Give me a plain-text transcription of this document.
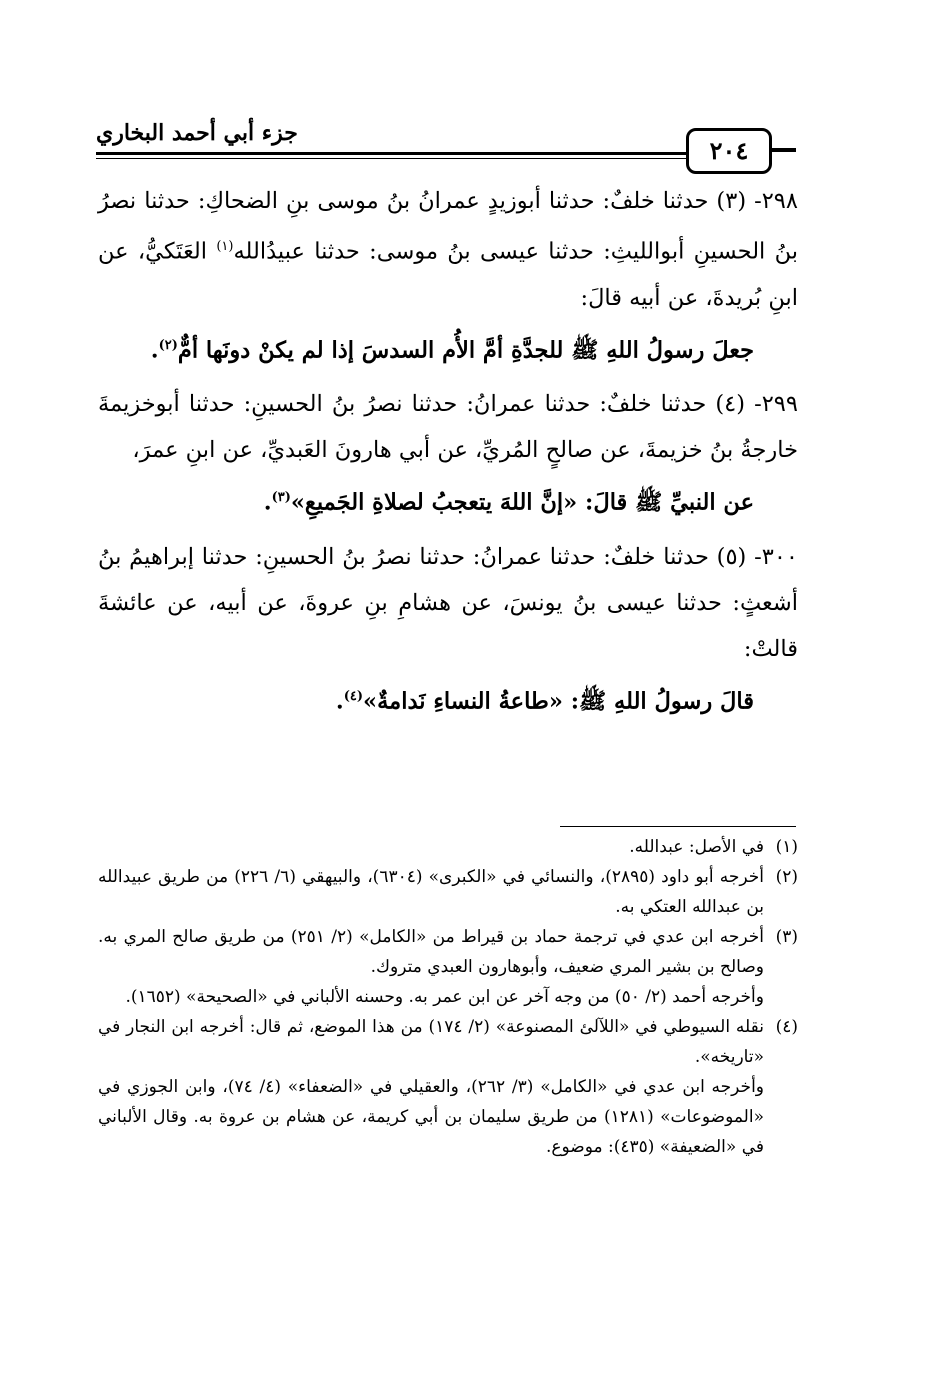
جزء أبي أحمد البخاري
٢٠٤

٢٩٨- (٣) حدثنا خلفٌ: حدثنا أبوزيدٍ عمرانُ بنُ موسى بنِ الضحاكِ: حدثنا نصرُ بنُ الحسينِ أبوالليثِ: حدثنا عيسى بنُ موسى: حدثنا عبيدُالله$^{(١)}$ العَتَكيُّ، عن ابنِ بُريدةَ، عن أبيه قالَ:

جعلَ رسولُ اللهِ ﷺ للجدَّةِ أمَّ الأُم السدسَ إذا لم يكنْ دونَها أمٌّ$^{(٢)}$.

٢٩٩- (٤) حدثنا خلفٌ: حدثنا عمرانُ: حدثنا نصرُ بنُ الحسينِ: حدثنا أبوخزيمةَ خارجةُ بنُ خزيمةَ، عن صالحٍ المُريِّ، عن أبي هارونَ العَبديِّ، عن ابنِ عمرَ،

عن النبيِّ ﷺ قالَ: «إنَّ اللهَ يتعجبُ لصلاةِ الجَميعِ»$^{(٣)}$.

٣٠٠- (٥) حدثنا خلفٌ: حدثنا عمرانُ: حدثنا نصرُ بنُ الحسينِ: حدثنا إبراهيمُ بنُ أشعثٍ: حدثنا عيسى بنُ يونسَ، عن هشامِ بنِ عروةَ، عن أبيه، عن عائشةَ قالتْ:

قالَ رسولُ اللهِ ﷺ: «طاعةُ النساءِ نَدامةٌ»$^{(٤)}$.

(١)

في الأصل: عبدالله.

(٢)

أخرجه أبو داود (٢٨٩٥)، والنسائي في «الكبرى» (٦٣٠٤)، والبيهقي (٦/ ٢٢٦) من طريق عبيدالله بن عبدالله العتكي به.

(٣)

أخرجه ابن عدي في ترجمة حماد بن قيراط من «الكامل» (٢/ ٢٥١) من طريق صالح المري به. وصالح بن بشير المري ضعيف، وأبوهارون العبدي متروك.

وأخرجه أحمد (٢/ ٥٠) من وجه آخر عن ابن عمر به. وحسنه الألباني في «الصحيحة» (١٦٥٢).

(٤)

نقله السيوطي في «اللآلئ المصنوعة» (٢/ ١٧٤) من هذا الموضع، ثم قال: أخرجه ابن النجار في «تاريخه».

وأخرجه ابن عدي في «الكامل» (٣/ ٢٦٢)، والعقيلي في «الضعفاء» (٤/ ٧٤)، وابن الجوزي في «الموضوعات» (١٢٨١) من طريق سليمان بن أبي كريمة، عن هشام بن عروة به. وقال الألباني في «الضعيفة» (٤٣٥): موضوع.
